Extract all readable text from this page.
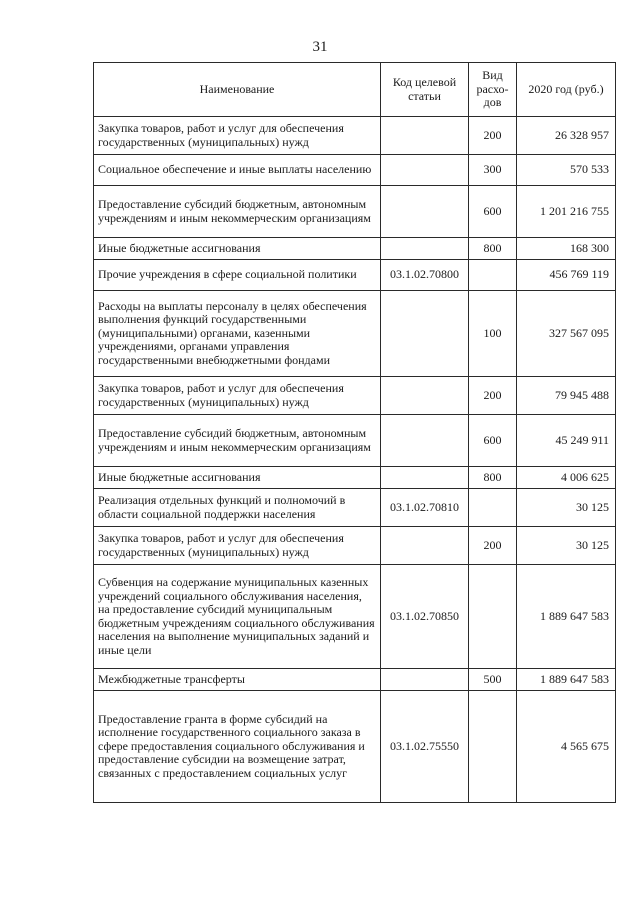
31
Наименование	Код целевой статьи	Вид расхо-дов	2020 год (руб.)
Закупка товаров, работ и услуг для обеспечения государственных (муниципальных) нужд		200	26 328 957
Социальное обеспечение и иные выплаты населению		300	570 533
Предоставление субсидий бюджетным, автономным учреждениям и иным некоммерческим организациям		600	1 201 216 755
Иные бюджетные ассигнования		800	168 300
Прочие учреждения в сфере социальной политики	03.1.02.70800		456 769 119
Расходы на выплаты персоналу в целях обеспечения выполнения функций государственными (муниципальными) органами, казенными учреждениями, органами управления государственными внебюджетными фондами		100	327 567 095
Закупка товаров, работ и услуг для обеспечения государственных (муниципальных) нужд		200	79 945 488
Предоставление субсидий бюджетным, автономным учреждениям и иным некоммерческим организациям		600	45 249 911
Иные бюджетные ассигнования		800	4 006 625
Реализация отдельных функций и полномочий в области социальной поддержки населения	03.1.02.70810		30 125
Закупка товаров, работ и услуг для обеспечения государственных (муниципальных) нужд		200	30 125
Субвенция на содержание муниципальных казенных учреждений социального обслуживания населения, на предоставление субсидий муниципальным бюджетным учреждениям социального обслуживания населения на выполнение муниципальных заданий и иные цели	03.1.02.70850		1 889 647 583
Межбюджетные трансферты		500	1 889 647 583
Предоставление гранта в форме субсидий на исполнение государственного социального заказа в сфере предоставления социального обслуживания и предоставление субсидии на возмещение затрат, связанных с предоставлением социальных услуг	03.1.02.75550		4 565 675
